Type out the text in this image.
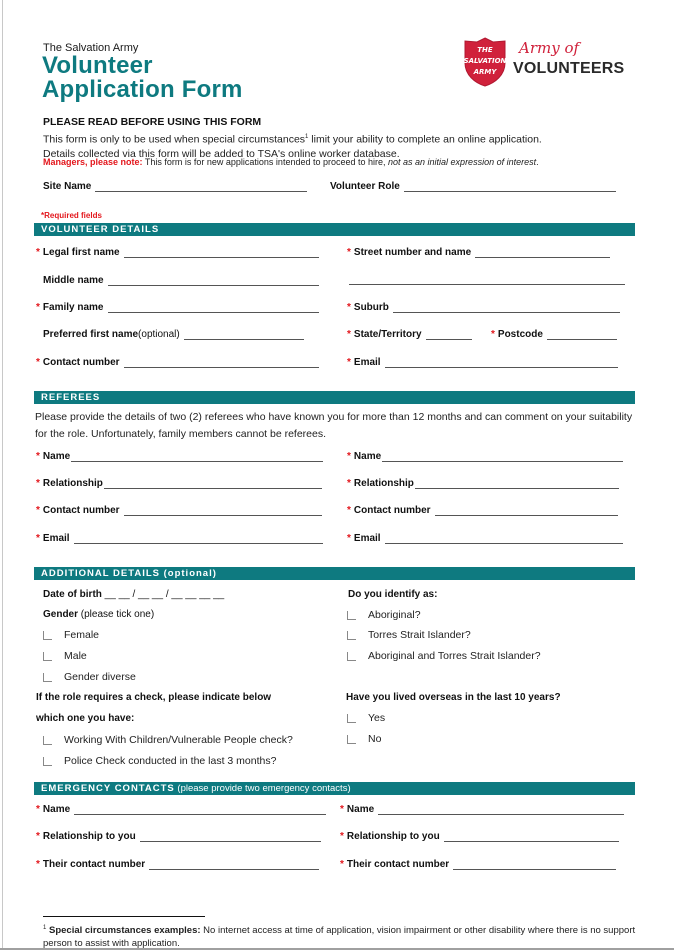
The Salvation Army
Volunteer
Application Form
THE
SALVATION
ARMY
Army of
VOLUNTEERS
PLEASE READ BEFORE USING THIS FORM
This form is only to be used when special circumstances$^1$ limit your ability to complete an online application.
Details collected via this form will be added to TSA's online worker database.
Managers, please note: This form is for new applications intended to proceed to hire, not as an initial expression of interest.
Site Name	Volunteer Role
*Required fields
VOLUNTEER DETAILS
* Legal first name
Middle name
* Family name
Preferred first name (optional)
* Contact number
* Street number and name
* Suburb
* State/Territory	* Postcode
* Email
REFEREES
Please provide the details of two (2) referees who have known you for more than 12 months and can comment on your suitability for the role. Unfortunately, family members cannot be referees.
* Name
* Relationship
* Contact number
* Email
* Name
* Relationship
* Contact number
* Email
ADDITIONAL DETAILS (optional)
Date of birth __ __ / __ __ / __ __ __ __
Gender (please tick one)
Female
Male
Gender diverse
If the role requires a check, please indicate below
which one you have:
Working With Children/Vulnerable People check?
Police Check conducted in the last 3 months?
Do you identify as:
Aboriginal?
Torres Strait Islander?
Aboriginal and Torres Strait Islander?
Have you lived overseas in the last 10 years?
Yes
No
EMERGENCY CONTACTS (please provide two emergency contacts)
* Name
* Relationship to you
* Their contact number
* Name
* Relationship to you
* Their contact number
$^1$ Special circumstances examples: No internet access at time of application, vision impairment or other disability where there is no support person to assist with application.
